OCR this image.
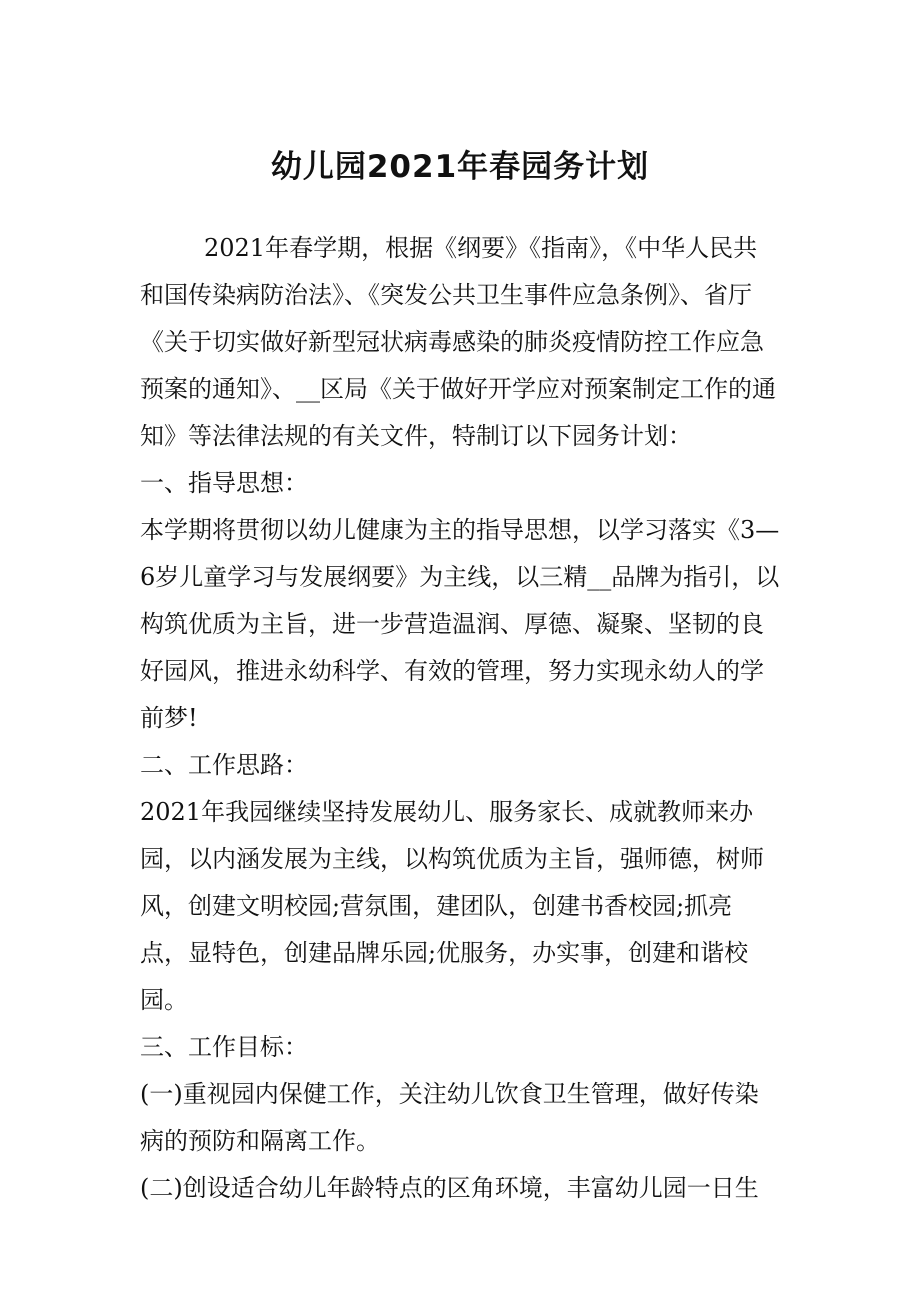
幼儿园2021年春园务计划

2021年春学期，根据《纲要》《指南》，《中华人民共和国传染病防治法》、《突发公共卫生事件应急条例》、省厅《关于切实做好新型冠状病毒感染的肺炎疫情防控工作应急预案的通知》、__区局《关于做好开学应对预案制定工作的通知》等法律法规的有关文件，特制订以下园务计划：

一、指导思想：

本学期将贯彻以幼儿健康为主的指导思想，以学习落实《3—6岁儿童学习与发展纲要》为主线，以三精__品牌为指引，以构筑优质为主旨，进一步营造温润、厚德、凝聚、坚韧的良好园风，推进永幼科学、有效的管理，努力实现永幼人的学前梦!

二、工作思路：

2021年我园继续坚持发展幼儿、服务家长、成就教师来办园，以内涵发展为主线，以构筑优质为主旨，强师德，树师风，创建文明校园;营氛围，建团队，创建书香校园;抓亮点，显特色，创建品牌乐园;优服务，办实事，创建和谐校园。

三、工作目标：

(一)重视园内保健工作，关注幼儿饮食卫生管理，做好传染病的预防和隔离工作。

(二)创设适合幼儿年龄特点的区角环境，丰富幼儿园一日生
